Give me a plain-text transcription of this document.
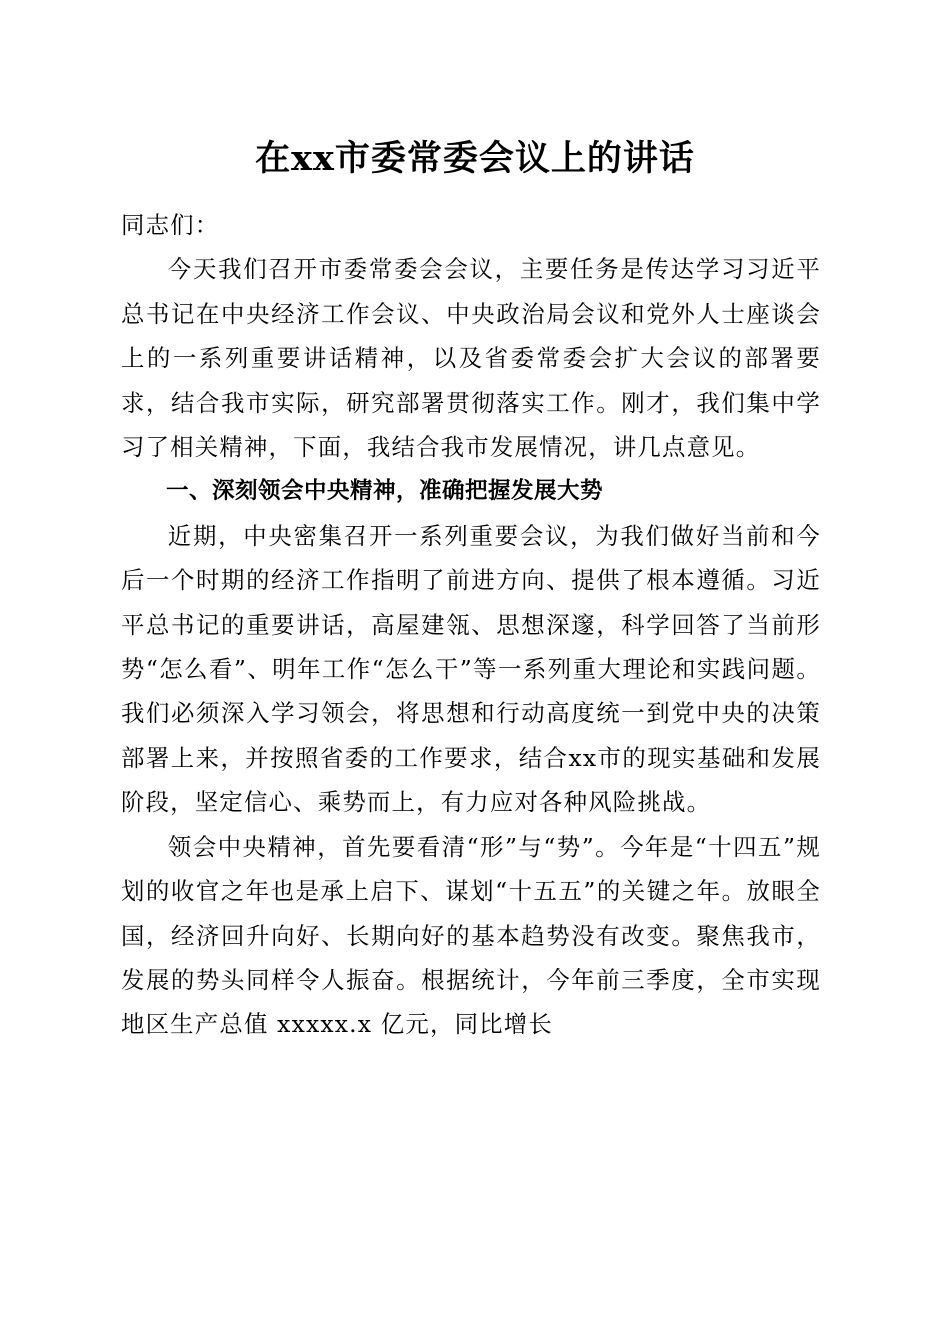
在xx市委常委会议上的讲话

同志们：

今天我们召开市委常委会会议，主要任务是传达学习习近平总书记在中央经济工作会议、中央政治局会议和党外人士座谈会上的一系列重要讲话精神，以及省委常委会扩大会议的部署要求，结合我市实际，研究部署贯彻落实工作。刚才，我们集中学习了相关精神，下面，我结合我市发展情况，讲几点意见。

一、深刻领会中央精神，准确把握发展大势

近期，中央密集召开一系列重要会议，为我们做好当前和今后一个时期的经济工作指明了前进方向、提供了根本遵循。习近平总书记的重要讲话，高屋建瓴、思想深邃，科学回答了当前形势“怎么看”、明年工作“怎么干”等一系列重大理论和实践问题。我们必须深入学习领会，将思想和行动高度统一到党中央的决策部署上来，并按照省委的工作要求，结合xx市的现实基础和发展阶段，坚定信心、乘势而上，有力应对各种风险挑战。

领会中央精神，首先要看清“形”与“势”。今年是“十四五”规划的收官之年也是承上启下、谋划“十五五”的关键之年。放眼全国，经济回升向好、长期向好的基本趋势没有改变。聚焦我市，发展的势头同样令人振奋。根据统计，今年前三季度，全市实现地区生产总值 xxxxx.x 亿元，同比增长
